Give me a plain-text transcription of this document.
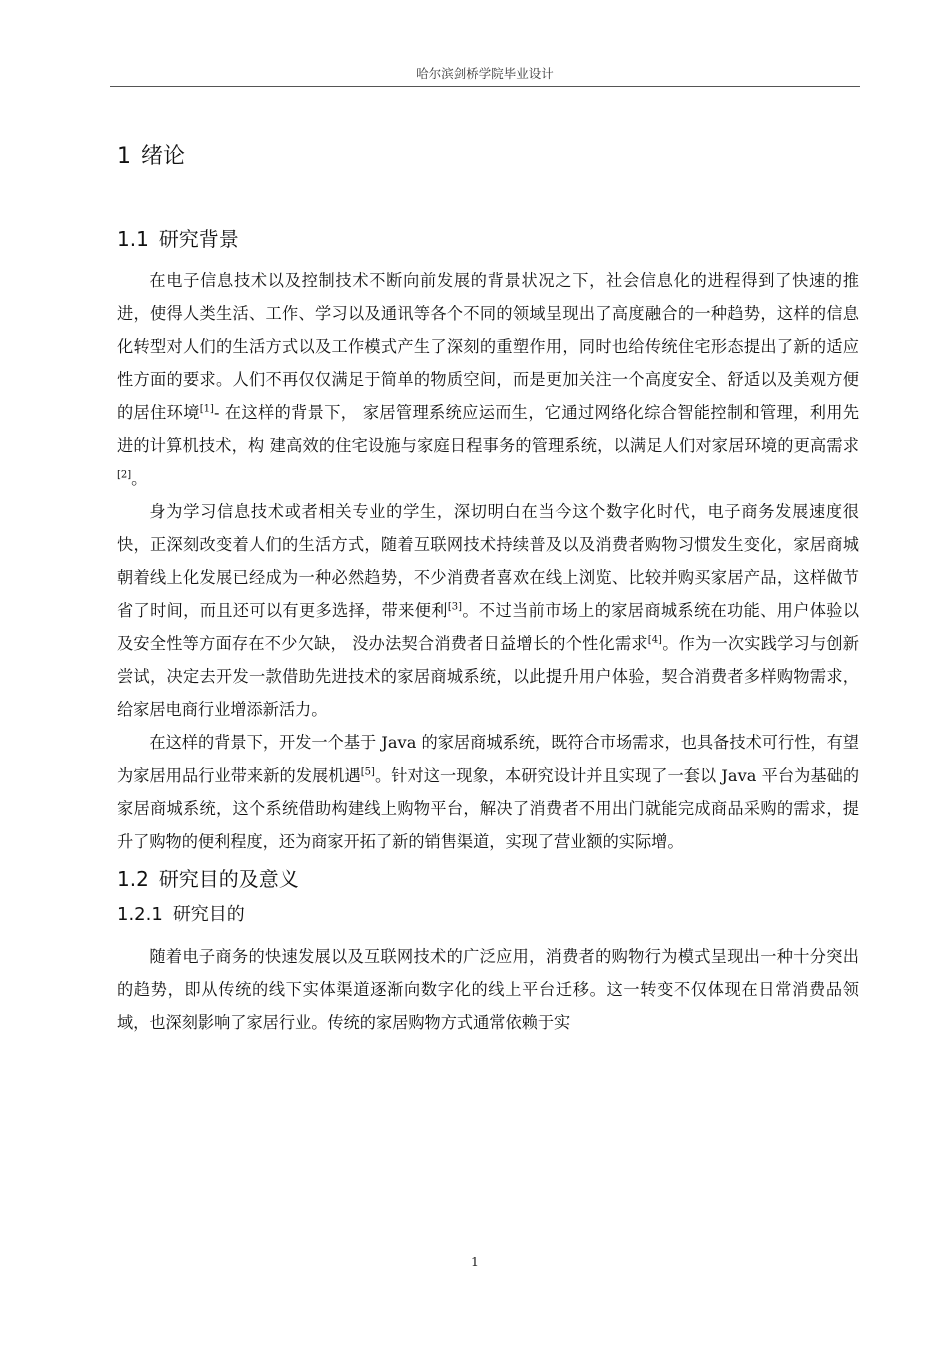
哈尔滨剑桥学院毕业设计
1 绪论
1.1 研究背景

在电子信息技术以及控制技术不断向前发展的背景状况之下，社会信息化的进程得到了快速的推进，使得人类生活、工作、学习以及通讯等各个不同的领域呈现出了高度融合的一种趋势，这样的信息化转型对人们的生活方式以及工作模式产生了深刻的重塑作用，同时也给传统住宅形态提出了新的适应性方面的要求。人们不再仅仅满足于简单的物质空间，而是更加关注一个高度安全、舒适以及美观方便的居住环境[1]- 在这样的背景下， 家居管理系统应运而生，它通过网络化综合智能控制和管理，利用先进的计算机技术，构 建高效的住宅设施与家庭日程事务的管理系统，以满足人们对家居环境的更高需求[2]。

身为学习信息技术或者相关专业的学生，深切明白在当今这个数字化时代，电子商务发展速度很快，正深刻改变着人们的生活方式，随着互联网技术持续普及以及消费者购物习惯发生变化，家居商城朝着线上化发展已经成为一种必然趋势，不少消费者喜欢在线上浏览、比较并购买家居产品，这样做节省了时间，而且还可以有更多选择，带来便利[3]。不过当前市场上的家居商城系统在功能、用户体验以及安全性等方面存在不少欠缺， 没办法契合消费者日益增长的个性化需求[4]。作为一次实践学习与创新尝试，决定去开发一款借助先进技术的家居商城系统，以此提升用户体验，契合消费者多样购物需求，给家居电商行业增添新活力。

在这样的背景下，开发一个基于 Java 的家居商城系统，既符合市场需求，也具备技术可行性，有望为家居用品行业带来新的发展机遇[5]。针对这一现象，本研究设计并且实现了一套以 Java 平台为基础的家居商城系统，这个系统借助构建线上购物平台，解决了消费者不用出门就能完成商品采购的需求，提升了购物的便利程度，还为商家开拓了新的销售渠道，实现了营业额的实际增。

1.2 研究目的及意义
1.2.1 研究目的

随着电子商务的快速发展以及互联网技术的广泛应用，消费者的购物行为模式呈现出一种十分突出的趋势，即从传统的线下实体渠道逐渐向数字化的线上平台迁移。这一转变不仅体现在日常消费品领域，也深刻影响了家居行业。传统的家居购物方式通常依赖于实

1
